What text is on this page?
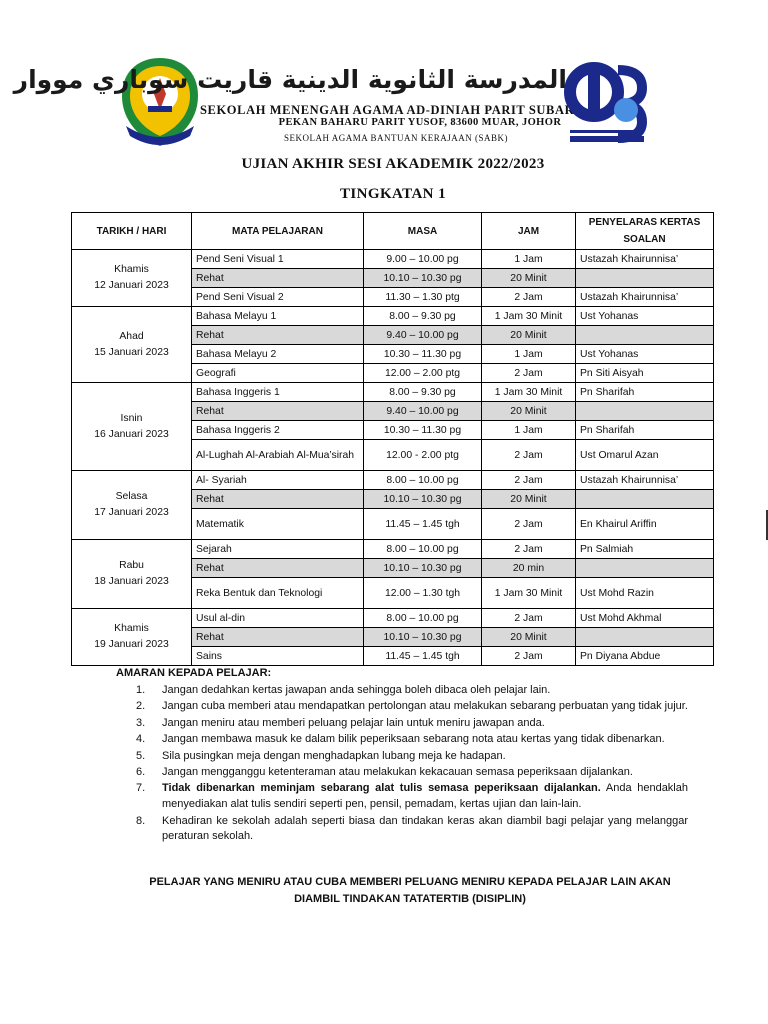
المدرسة الثانوية الدينية قاريت سوباري مووار
SEKOLAH MENENGAH AGAMA AD-DINIAH PARIT SUBARI
PEKAN BAHARU PARIT YUSOF, 83600 MUAR, JOHOR
SEKOLAH AGAMA BANTUAN KERAJAAN (SABK)
UJIAN AKHIR SESI AKADEMIK 2022/2023
TINGKATAN 1
TARIKH / HARI	MATA PELAJARAN	MASA	JAM	PENYELARAS KERTAS SOALAN
Khamis
12 Januari 2023	Pend Seni Visual 1	9.00 – 10.00 pg	1 Jam	Ustazah Khairunnisa’
	Rehat	10.10 – 10.30 pg	20 Minit	
	Pend Seni Visual 2	11.30 – 1.30 ptg	2 Jam	Ustazah Khairunnisa’
Ahad
15 Januari 2023	Bahasa Melayu 1	8.00 – 9.30 pg	1 Jam 30 Minit	Ust Yohanas
	Rehat	9.40 – 10.00 pg	20 Minit	
	Bahasa Melayu 2	10.30 – 11.30 pg	1 Jam	Ust Yohanas
	Geografi	12.00 – 2.00 ptg	2 Jam	Pn Siti Aisyah
Isnin
16 Januari 2023	Bahasa Inggeris 1	8.00 – 9.30 pg	1 Jam 30 Minit	Pn Sharifah
	Rehat	9.40 – 10.00 pg	20 Minit	
	Bahasa Inggeris 2	10.30 – 11.30 pg	1 Jam	Pn Sharifah
	Al-Lughah Al-Arabiah Al-Mua’sirah	12.00 - 2.00 ptg	2 Jam	Ust Omarul Azan
Selasa
17 Januari 2023	Al- Syariah	8.00 – 10.00 pg	2 Jam	Ustazah Khairunnisa’
	Rehat	10.10 – 10.30 pg	20 Minit	
	Matematik	11.45 – 1.45 tgh	2 Jam	En Khairul Ariffin
Rabu
18 Januari 2023	Sejarah	8.00 – 10.00 pg	2 Jam	Pn Salmiah
	Rehat	10.10 – 10.30 pg	20 min	
	Reka Bentuk dan Teknologi	12.00 – 1.30 tgh	1 Jam 30 Minit	Ust Mohd Razin
Khamis
19 Januari 2023	Usul al-din	8.00 – 10.00 pg	2 Jam	Ust Mohd Akhmal
	Rehat	10.10 – 10.30 pg	20 Minit	
	Sains	11.45 – 1.45 tgh	2 Jam	Pn Diyana Abdue
AMARAN KEPADA PELAJAR:
1. Jangan dedahkan kertas jawapan anda sehingga boleh dibaca oleh pelajar lain.
2. Jangan cuba memberi atau mendapatkan pertolongan atau melakukan sebarang perbuatan yang tidak jujur.
3. Jangan meniru atau memberi peluang pelajar lain untuk meniru jawapan anda.
4. Jangan membawa masuk ke dalam bilik peperiksaan sebarang nota atau kertas yang tidak dibenarkan.
5. Sila pusingkan meja dengan menghadapkan lubang meja ke hadapan.
6. Jangan mengganggu ketenteraman atau melakukan kekacauan semasa peperiksaan dijalankan.
7. Tidak dibenarkan meminjam sebarang alat tulis semasa peperiksaan dijalankan. Anda hendaklah menyediakan alat tulis sendiri seperti pen, pensil, pemadam, kertas ujian dan lain-lain.
8. Kehadiran ke sekolah adalah seperti biasa dan tindakan keras akan diambil bagi pelajar yang melanggar peraturan sekolah.
PELAJAR YANG MENIRU ATAU CUBA MEMBERI PELUANG MENIRU KEPADA PELAJAR LAIN AKAN
DIAMBIL TINDAKAN TATATERTIB (DISIPLIN)
